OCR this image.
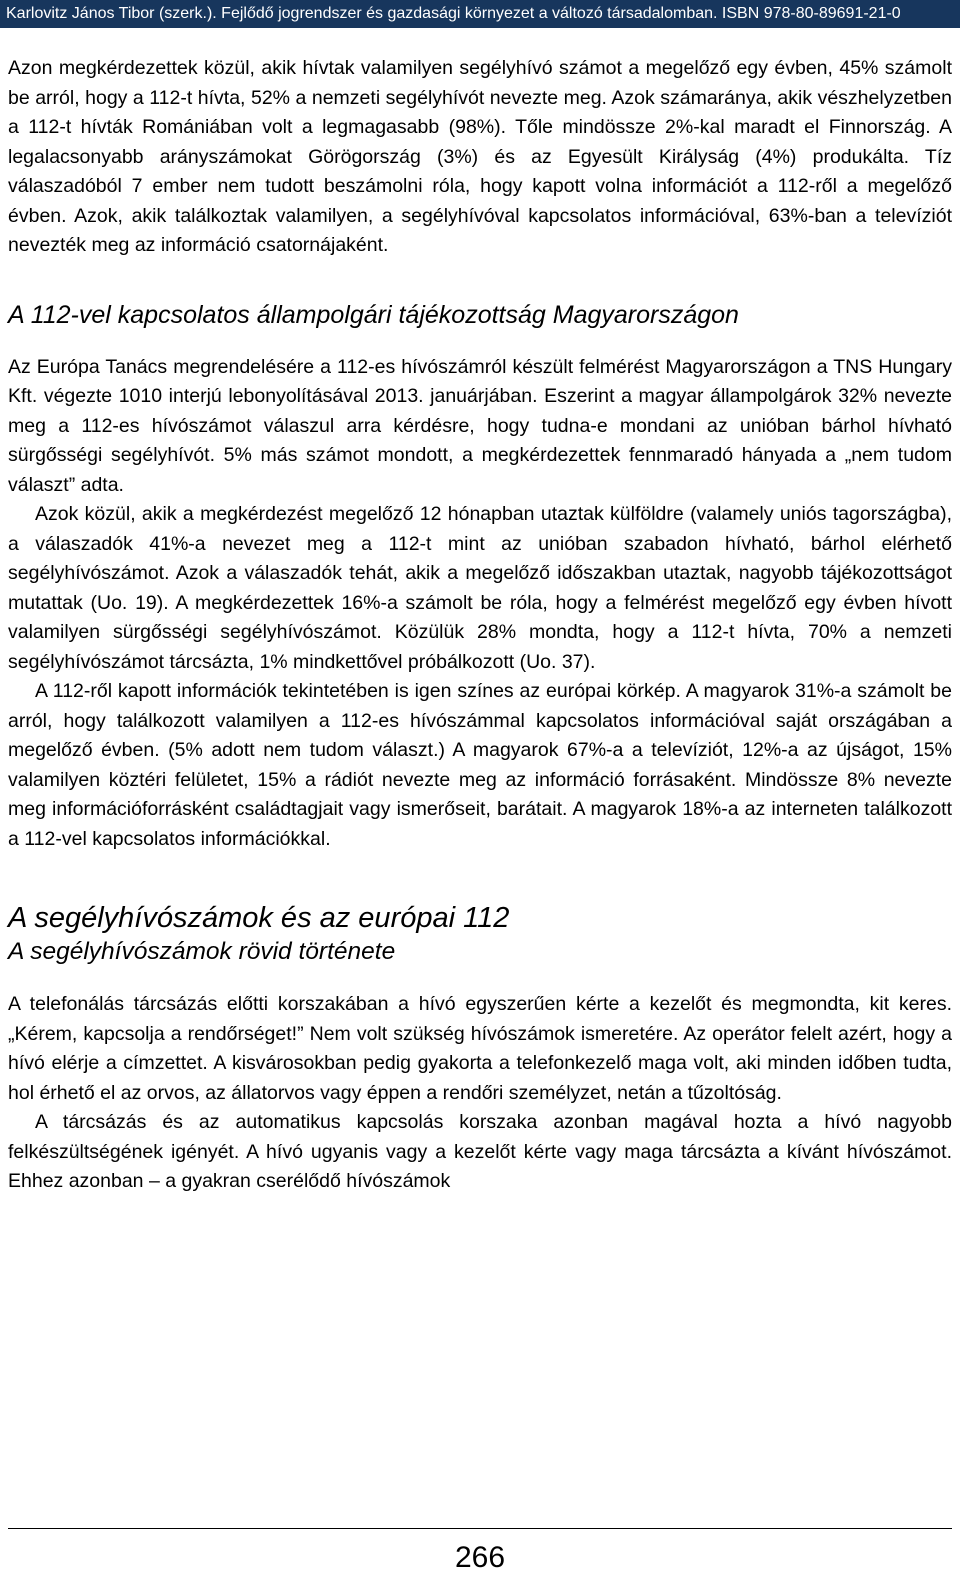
Karlovitz János Tibor (szerk.). Fejlődő jogrendszer és gazdasági környezet a változó társadalomban. ISBN 978-80-89691-21-0

Azon megkérdezettek közül, akik hívtak valamilyen segélyhívó számot a megelőző egy évben, 45% számolt be arról, hogy a 112-t hívta, 52% a nemzeti segélyhívót nevezte meg. Azok számaránya, akik vészhelyzetben a 112-t hívták Romániában volt a legmagasabb (98%). Tőle mindössze 2%-kal maradt el Finnország. A legalacsonyabb arányszámokat Görögország (3%) és az Egyesült Királyság (4%) produkálta. Tíz válaszadóból 7 ember nem tudott beszámolni róla, hogy kapott volna információt a 112-ről a megelőző évben. Azok, akik találkoztak valamilyen, a segélyhívóval kapcsolatos információval, 63%-ban a televíziót nevezték meg az információ csatornájaként.

A 112-vel kapcsolatos állampolgári tájékozottság Magyarországon

Az Európa Tanács megrendelésére a 112-es hívószámról készült felmérést Magyarországon a TNS Hungary Kft. végezte 1010 interjú lebonyolításával 2013. januárjában. Eszerint a magyar állampolgárok 32% nevezte meg a 112-es hívószámot válaszul arra kérdésre, hogy tudna-e mondani az unióban bárhol hívható sürgősségi segélyhívót. 5% más számot mondott, a megkérdezettek fennmaradó hányada a „nem tudom választ” adta.

Azok közül, akik a megkérdezést megelőző 12 hónapban utaztak külföldre (valamely uniós tagországba), a válaszadók 41%-a nevezet meg a 112-t mint az unióban szabadon hívható, bárhol elérhető segélyhívószámot. Azok a válaszadók tehát, akik a megelőző időszakban utaztak, nagyobb tájékozottságot mutattak (Uo. 19). A megkérdezettek 16%-a számolt be róla, hogy a felmérést megelőző egy évben hívott valamilyen sürgősségi segélyhívószámot. Közülük 28% mondta, hogy a 112-t hívta, 70% a nemzeti segélyhívószámot tárcsázta, 1% mindkettővel próbálkozott (Uo. 37).

A 112-ről kapott információk tekintetében is igen színes az európai körkép. A magyarok 31%-a számolt be arról, hogy találkozott valamilyen a 112-es hívószámmal kapcsolatos információval saját országában a megelőző évben. (5% adott nem tudom választ.) A magyarok 67%-a a televíziót, 12%-a az újságot, 15% valamilyen köztéri felületet, 15% a rádiót nevezte meg az információ forrásaként. Mindössze 8% nevezte meg információforrásként családtagjait vagy ismerőseit, barátait. A magyarok 18%-a az interneten találkozott a 112-vel kapcsolatos információkkal.

A segélyhívószámok és az európai 112
A segélyhívószámok rövid története

A telefonálás tárcsázás előtti korszakában a hívó egyszerűen kérte a kezelőt és megmondta, kit keres. „Kérem, kapcsolja a rendőrséget!” Nem volt szükség hívószámok ismeretére. Az operátor felelt azért, hogy a hívó elérje a címzettet. A kisvárosokban pedig gyakorta a telefonkezelő maga volt, aki minden időben tudta, hol érhető el az orvos, az állatorvos vagy éppen a rendőri személyzet, netán a tűzoltóság.

A tárcsázás és az automatikus kapcsolás korszaka azonban magával hozta a hívó nagyobb felkészültségének igényét. A hívó ugyanis vagy a kezelőt kérte vagy maga tárcsázta a kívánt hívószámot. Ehhez azonban – a gyakran cserélődő hívószámok

266
